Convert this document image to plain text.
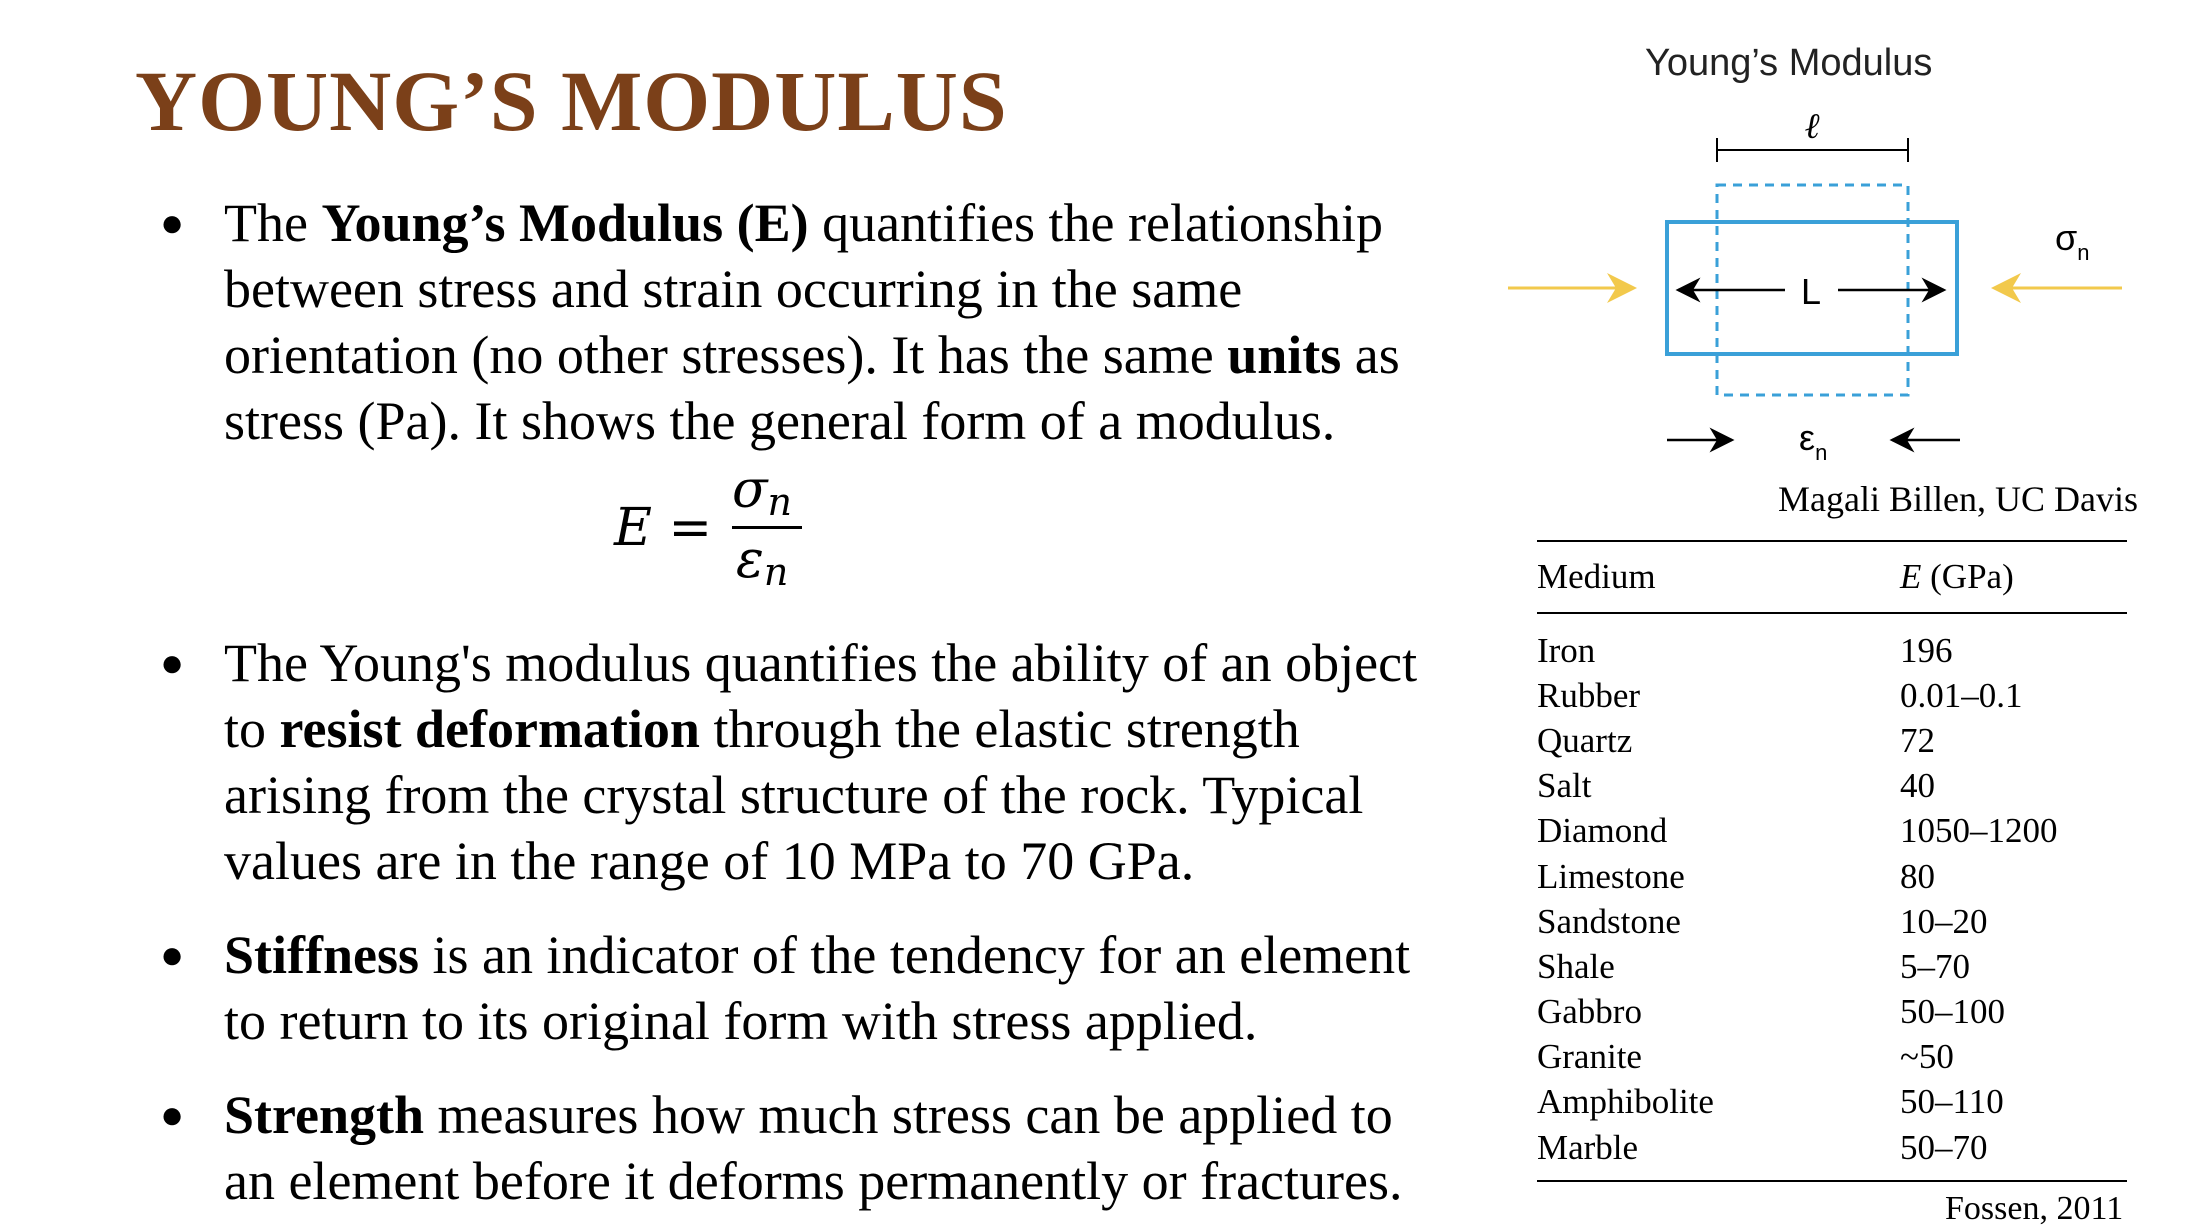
YOUNG’S MODULUS
● The Young’s Modulus (E) quantifies the relationship between stress and strain occurring in the same orientation (no other stresses). It has the same units as stress (Pa). It shows the general form of a modulus.
● The Young's modulus quantifies the ability of an object to resist deformation through the elastic strength arising from the crystal structure of the rock. Typical values are in the range of 10 MPa to 70 GPa.
● Stiffness is an indicator of the tendency for an element to return to its original form with stress applied.
● Strength measures how much stress can be applied to an element before it deforms permanently or fractures.
E =
$\sigma_n$
$\varepsilon_n$
Young’s Modulus
ℓ
L
$\sigma_n$
$\varepsilon_n$
Magali Billen, UC Davis
Medium	E (GPa)
Iron	196
Rubber	0.01–0.1
Quartz	72
Salt	40
Diamond	1050–1200
Limestone	80
Sandstone	10–20
Shale	5–70
Gabbro	50–100
Granite	~50
Amphibolite	50–110
Marble	50–70
Fossen, 2011
